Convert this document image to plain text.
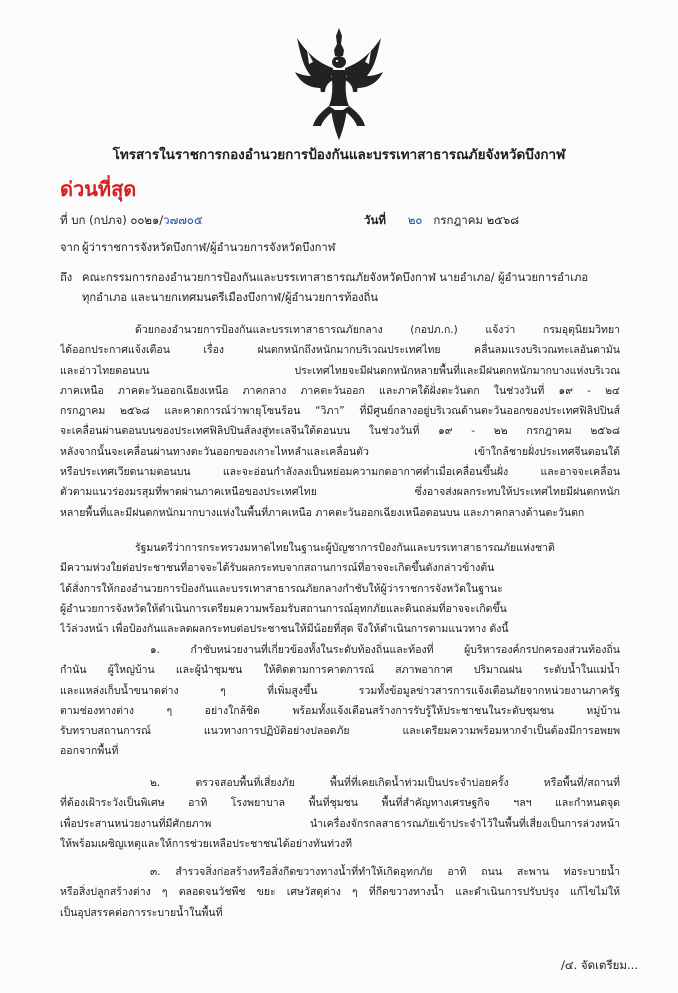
โทรสารในราชการกองอำนวยการป้องกันและบรรเทาสาธารณภัยจังหวัดบึงกาฬ
ด่วนที่สุด
ที่ บก (กปภจ) ๐๐๒๑/ว๗๗๐๕	วันที่ ๒๐ กรกฎาคม ๒๕๖๘
จาก ผู้ว่าราชการจังหวัดบึงกาฬ/ผู้อำนวยการจังหวัดบึงกาฬ
ถึง คณะกรรมการกองอำนวยการป้องกันและบรรเทาสาธารณภัยจังหวัดบึงกาฬ นายอำเภอ/ ผู้อำนวยการอำเภอ
ทุกอำเภอ และนายกเทศมนตรีเมืองบึงกาฬ/ผู้อำนวยการท้องถิ่น
ด้วยกองอำนวยการป้องกันและบรรเทาสาธารณภัยกลาง (กอปภ.ก.) แจ้งว่า กรมอุตุนิยมวิทยา
ได้ออกประกาศแจ้งเตือน เรื่อง ฝนตกหนักถึงหนักมากบริเวณประเทศไทย คลื่นลมแรงบริเวณทะเลอันดามัน
และอ่าวไทยตอนบน ประเทศไทยจะมีฝนตกหนักหลายพื้นที่และมีฝนตกหนักมากบางแห่งบริเวณ
ภาคเหนือ ภาคตะวันออกเฉียงเหนือ ภาคกลาง ภาคตะวันออก และภาคใต้ฝั่งตะวันตก ในช่วงวันที่ ๑๙ - ๒๔
กรกฎาคม ๒๕๖๘ และคาดการณ์ว่าพายุโซนร้อน “วิภา” ที่มีศูนย์กลางอยู่บริเวณด้านตะวันออกของประเทศฟิลิปปินส์
จะเคลื่อนผ่านตอนบนของประเทศฟิลิปปินส์ลงสู่ทะเลจีนใต้ตอนบน ในช่วงวันที่ ๑๙ - ๒๒ กรกฎาคม ๒๕๖๘
หลังจากนั้นจะเคลื่อนผ่านทางตะวันออกของเกาะไหหลำและเคลื่อนตัว เข้าใกล้ชายฝั่งประเทศจีนตอนใต้
หรือประเทศเวียดนามตอนบน และจะอ่อนกำลังลงเป็นหย่อมความกดอากาศต่ำเมื่อเคลื่อนขึ้นฝั่ง และอาจจะเคลื่อน
ตัวตามแนวร่องมรสุมที่พาดผ่านภาคเหนือของประเทศไทย ซึ่งอาจส่งผลกระทบให้ประเทศไทยมีฝนตกหนัก
หลายพื้นที่และมีฝนตกหนักมากบางแห่งในพื้นที่ภาคเหนือ ภาคตะวันออกเฉียงเหนือตอนบน และภาคกลางด้านตะวันตก
รัฐมนตรีว่าการกระทรวงมหาดไทยในฐานะผู้บัญชาการป้องกันและบรรเทาสาธารณภัยแห่งชาติ
มีความห่วงใยต่อประชาชนที่อาจจะได้รับผลกระทบจากสถานการณ์ที่อาจจะเกิดขึ้นดังกล่าวข้างต้น
ได้สั่งการให้กองอำนวยการป้องกันและบรรเทาสาธารณภัยกลางกำชับให้ผู้ว่าราชการจังหวัดในฐานะ
ผู้อำนวยการจังหวัดให้ดำเนินการเตรียมความพร้อมรับสถานการณ์อุทกภัยและดินถล่มที่อาจจะเกิดขึ้น
ไว้ล่วงหน้า เพื่อป้องกันและลดผลกระทบต่อประชาชนให้มีน้อยที่สุด จึงให้ดำเนินการตามแนวทาง ดังนี้
๑. กำชับหน่วยงานที่เกี่ยวข้องทั้งในระดับท้องถิ่นและท้องที่ ผู้บริหารองค์กรปกครองส่วนท้องถิ่น
กำนัน ผู้ใหญ่บ้าน และผู้นำชุมชน ให้ติดตามการคาดการณ์ สภาพอากาศ ปริมาณฝน ระดับน้ำในแม่น้ำ
และแหล่งเก็บน้ำขนาดต่าง ๆ ที่เพิ่มสูงขึ้น รวมทั้งข้อมูลข่าวสารการแจ้งเตือนภัยจากหน่วยงานภาครัฐ
ตามช่องทางต่าง ๆ อย่างใกล้ชิด พร้อมทั้งแจ้งเตือนสร้างการรับรู้ให้ประชาชนในระดับชุมชน หมู่บ้าน
รับทราบสถานการณ์ แนวทางการปฏิบัติอย่างปลอดภัย และเตรียมความพร้อมหากจำเป็นต้องมีการอพยพ
ออกจากพื้นที่
๒. ตรวจสอบพื้นที่เสี่ยงภัย พื้นที่ที่เคยเกิดน้ำท่วมเป็นประจำบ่อยครั้ง หรือพื้นที่/สถานที่
ที่ต้องเฝ้าระวังเป็นพิเศษ อาทิ โรงพยาบาล พื้นที่ชุมชน พื้นที่สำคัญทางเศรษฐกิจ ฯลฯ และกำหนดจุด
เพื่อประสานหน่วยงานที่มีศักยภาพ นำเครื่องจักรกลสาธารณภัยเข้าประจำไว้ในพื้นที่เสี่ยงเป็นการล่วงหน้า
ให้พร้อมเผชิญเหตุและให้การช่วยเหลือประชาชนได้อย่างทันท่วงที
๓. สำรวจสิ่งก่อสร้างหรือสิ่งกีดขวางทางน้ำที่ทำให้เกิดอุทกภัย อาทิ ถนน สะพาน ท่อระบายน้ำ
หรือสิ่งปลูกสร้างต่าง ๆ ตลอดจนวัชพืช ขยะ เศษวัสดุต่าง ๆ ที่กีดขวางทางน้ำ และดำเนินการปรับปรุง แก้ไขไม่ให้
เป็นอุปสรรคต่อการระบายน้ำในพื้นที่
/๔. จัดเตรียม...
